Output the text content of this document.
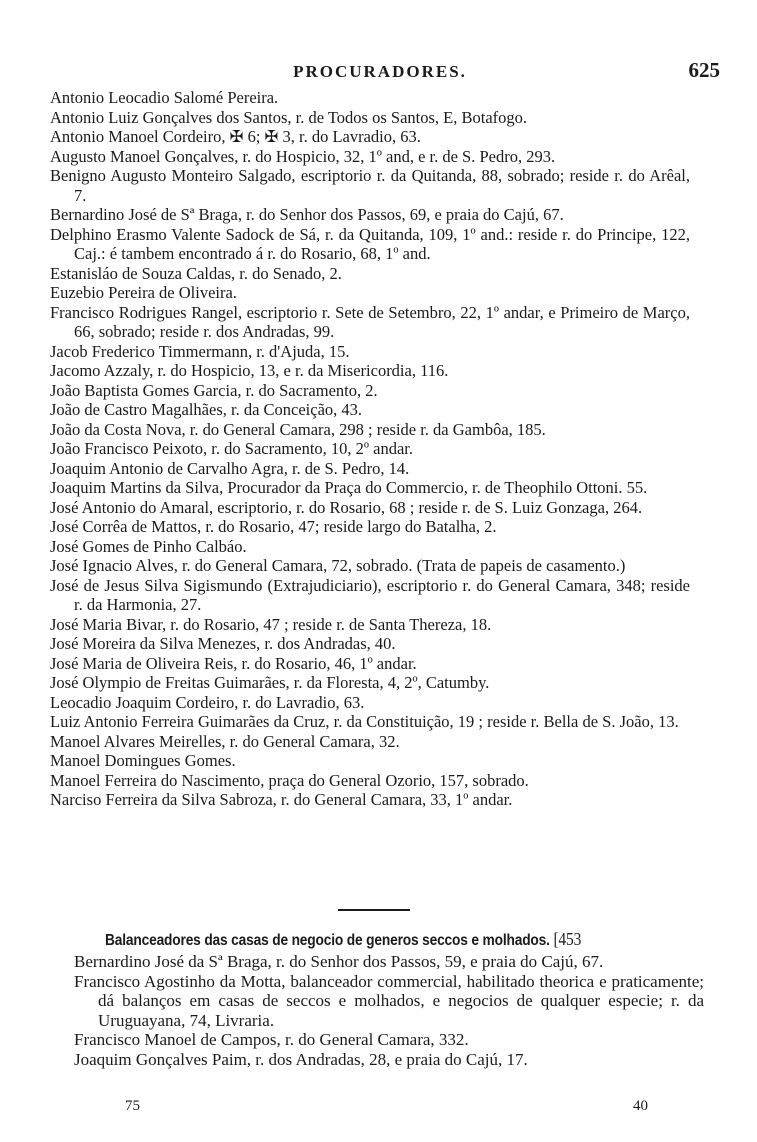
PROCURADORES.	625
Antonio Leocadio Salomé Pereira.
Antonio Luiz Gonçalves dos Santos, r. de Todos os Santos, E, Botafogo.
Antonio Manoel Cordeiro, ✠ 6; ✠ 3, r. do Lavradio, 63.
Augusto Manoel Gonçalves, r. do Hospicio, 32, 1º and, e r. de S. Pedro, 293.
Benigno Augusto Monteiro Salgado, escriptorio r. da Quitanda, 88, sobrado; reside r. do Arêal, 7.
Bernardino José de Sª Braga, r. do Senhor dos Passos, 69, e praia do Cajú, 67.
Delphino Erasmo Valente Sadock de Sá, r. da Quitanda, 109, 1º and.: reside r. do Principe, 122, Caj.: é tambem encontrado á r. do Rosario, 68, 1º and.
Estanisláo de Souza Caldas, r. do Senado, 2.
Euzebio Pereira de Oliveira.
Francisco Rodrigues Rangel, escriptorio r. Sete de Setembro, 22, 1º andar, e Primeiro de Março, 66, sobrado; reside r. dos Andradas, 99.
Jacob Frederico Timmermann, r. d'Ajuda, 15.
Jacomo Azzaly, r. do Hospicio, 13, e r. da Misericordia, 116.
João Baptista Gomes Garcia, r. do Sacramento, 2.
João de Castro Magalhães, r. da Conceição, 43.
João da Costa Nova, r. do General Camara, 298 ; reside r. da Gambôa, 185.
João Francisco Peixoto, r. do Sacramento, 10, 2º andar.
Joaquim Antonio de Carvalho Agra, r. de S. Pedro, 14.
Joaquim Martins da Silva, Procurador da Praça do Commercio, r. de Theophilo Ottoni. 55.
José Antonio do Amaral, escriptorio, r. do Rosario, 68 ; reside r. de S. Luiz Gonzaga, 264.
José Corrêa de Mattos, r. do Rosario, 47; reside largo do Batalha, 2.
José Gomes de Pinho Calbáo.
José Ignacio Alves, r. do General Camara, 72, sobrado. (Trata de papeis de casamento.)
José de Jesus Silva Sigismundo (Extrajudiciario), escriptorio r. do General Camara, 348; reside r. da Harmonia, 27.
José Maria Bivar, r. do Rosario, 47 ; reside r. de Santa Thereza, 18.
José Moreira da Silva Menezes, r. dos Andradas, 40.
José Maria de Oliveira Reis, r. do Rosario, 46, 1º andar.
José Olympio de Freitas Guimarães, r. da Floresta, 4, 2º, Catumby.
Leocadio Joaquim Cordeiro, r. do Lavradio, 63.
Luiz Antonio Ferreira Guimarães da Cruz, r. da Constituição, 19 ; reside r. Bella de S. João, 13.
Manoel Alvares Meirelles, r. do General Camara, 32.
Manoel Domingues Gomes.
Manoel Ferreira do Nascimento, praça do General Ozorio, 157, sobrado.
Narciso Ferreira da Silva Sabroza, r. do General Camara, 33, 1º andar.
Balanceadores das casas de negocio de generos seccos e molhados. [453
Bernardino José da Sª Braga, r. do Senhor dos Passos, 59, e praia do Cajú, 67.
Francisco Agostinho da Motta, balanceador commercial, habilitado theorica e praticamente; dá balanços em casas de seccos e molhados, e negocios de qualquer especie; r. da Uruguayana, 74, Livraria.
Francisco Manoel de Campos, r. do General Camara, 332.
Joaquim Gonçalves Paim, r. dos Andradas, 28, e praia do Cajú, 17.
75	40
